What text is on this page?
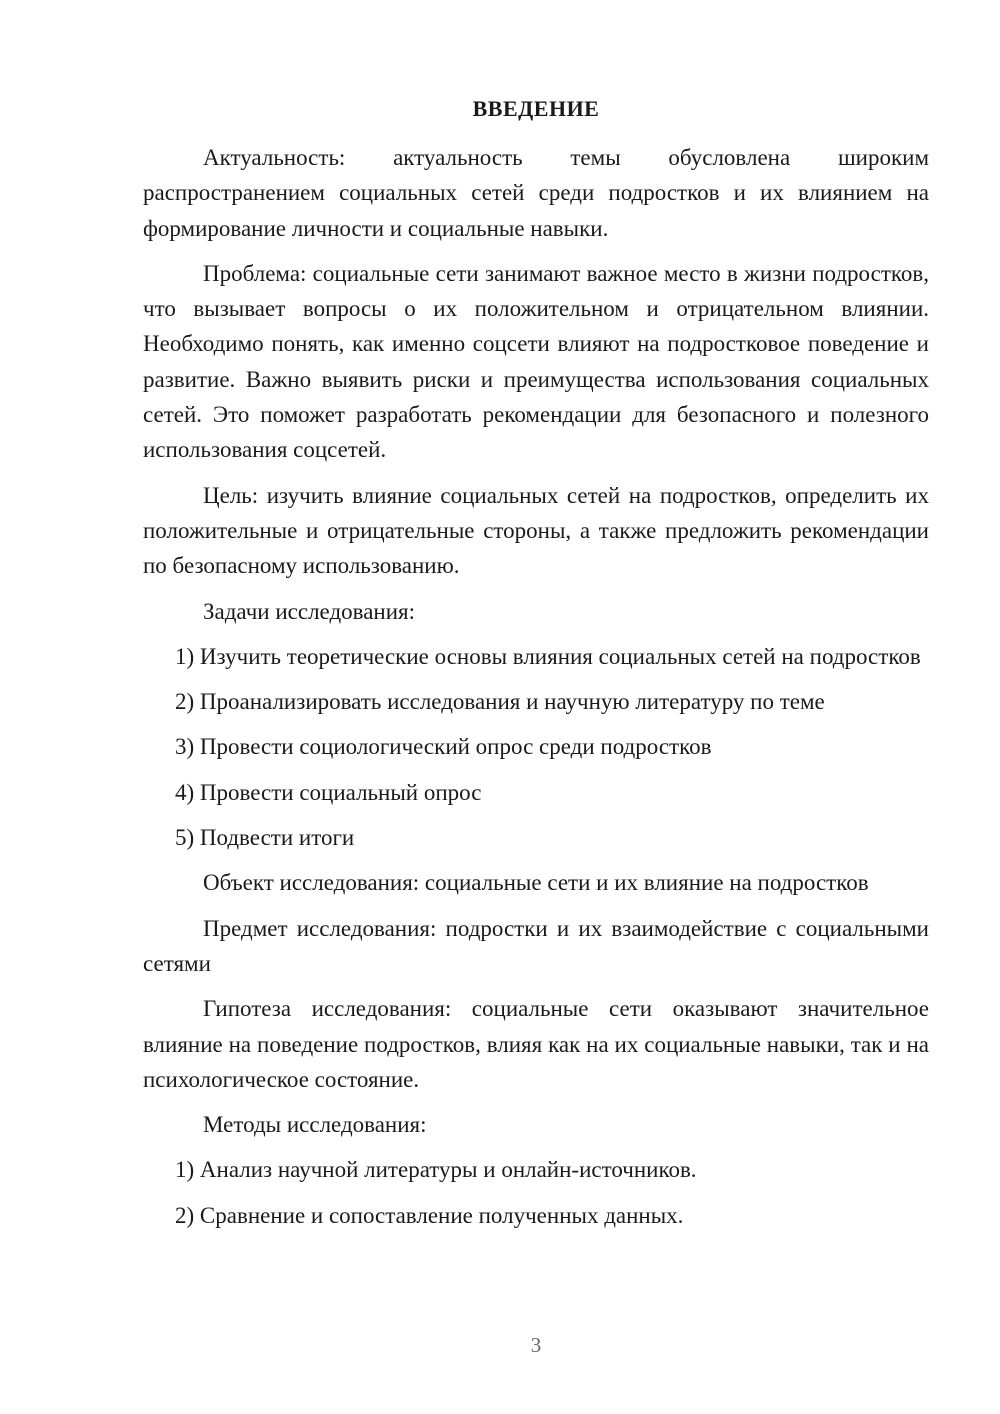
ВВЕДЕНИЕ

Актуальность: актуальность темы обусловлена широким распространением социальных сетей среди подростков и их влиянием на формирование личности и социальные навыки.

Проблема: социальные сети занимают важное место в жизни подростков, что вызывает вопросы о их положительном и отрицательном влиянии. Необходимо понять, как именно соцсети влияют на подростковое поведение и развитие. Важно выявить риски и преимущества использования социальных сетей. Это поможет разработать рекомендации для безопасного и полезного использования соцсетей.

Цель: изучить влияние социальных сетей на подростков, определить их положительные и отрицательные стороны, а также предложить рекомендации по безопасному использованию.

Задачи исследования:

1) Изучить теоретические основы влияния социальных сетей на подростков

2) Проанализировать исследования и научную литературу по теме

3) Провести социологический опрос среди подростков

4) Провести социальный опрос

5) Подвести итоги

Объект исследования: социальные сети и их влияние на подростков

Предмет исследования: подростки и их взаимодействие с социальными сетями

Гипотеза исследования: социальные сети оказывают значительное влияние на поведение подростков, влияя как на их социальные навыки, так и на психологическое состояние.

Методы исследования:

1) Анализ научной литературы и онлайн-источников.

2) Сравнение и сопоставление полученных данных.

3
